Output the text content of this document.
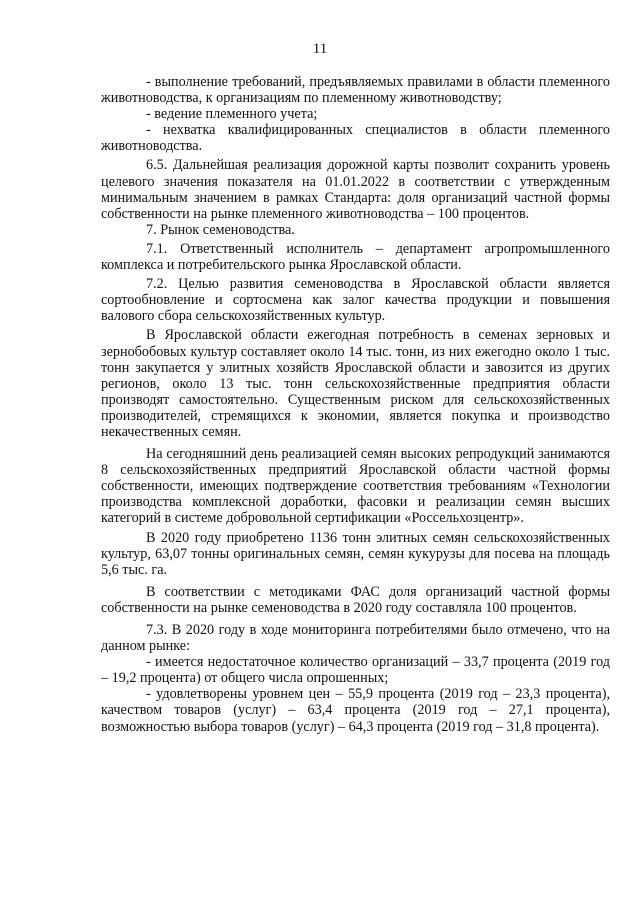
11

- выполнение требований, предъявляемых правилами в области племенного животноводства, к организациям по племенному животноводству;

- ведение племенного учета;

- нехватка квалифицированных специалистов в области племенного животноводства.

6.5. Дальнейшая реализация дорожной карты позволит сохранить уровень целевого значения показателя на 01.01.2022 в соответствии с утвержденным минимальным значением в рамках Стандарта: доля организаций частной формы собственности на рынке племенного животноводства – 100 процентов.

7. Рынок семеноводства.

7.1. Ответственный исполнитель – департамент агропромышленного комплекса и потребительского рынка Ярославской области.

7.2. Целью развития семеноводства в Ярославской области является сортообновление и сортосмена как залог качества продукции и повышения валового сбора сельскохозяйственных культур.

В Ярославской области ежегодная потребность в семенах зерновых и зернобобовых культур составляет около 14 тыс. тонн, из них ежегодно около 1 тыс. тонн закупается у элитных хозяйств Ярославской области и завозится из других регионов, около 13 тыс. тонн сельскохозяйственные предприятия области производят самостоятельно. Существенным риском для сельскохозяйственных производителей, стремящихся к экономии, является покупка и производство некачественных семян.

На сегодняшний день реализацией семян высоких репродукций занимаются 8 сельскохозяйственных предприятий Ярославской области частной формы собственности, имеющих подтверждение соответствия требованиям «Технологии производства комплексной доработки, фасовки и реализации семян высших категорий в системе добровольной сертификации «Россельхозцентр».

В 2020 году приобретено 1136 тонн элитных семян сельскохозяйственных культур, 63,07 тонны оригинальных семян, семян кукурузы для посева на площадь 5,6 тыс. га.

В соответствии с методиками ФАС доля организаций частной формы собственности на рынке семеноводства в 2020 году составляла 100 процентов.

7.3. В 2020 году в ходе мониторинга потребителями было отмечено, что на данном рынке:

- имеется недостаточное количество организаций – 33,7 процента (2019 год – 19,2 процента) от общего числа опрошенных;

- удовлетворены уровнем цен – 55,9 процента (2019 год – 23,3 процента), качеством товаров (услуг) – 63,4 процента (2019 год – 27,1 процента), возможностью выбора товаров (услуг) – 64,3 процента (2019 год – 31,8 процента).
